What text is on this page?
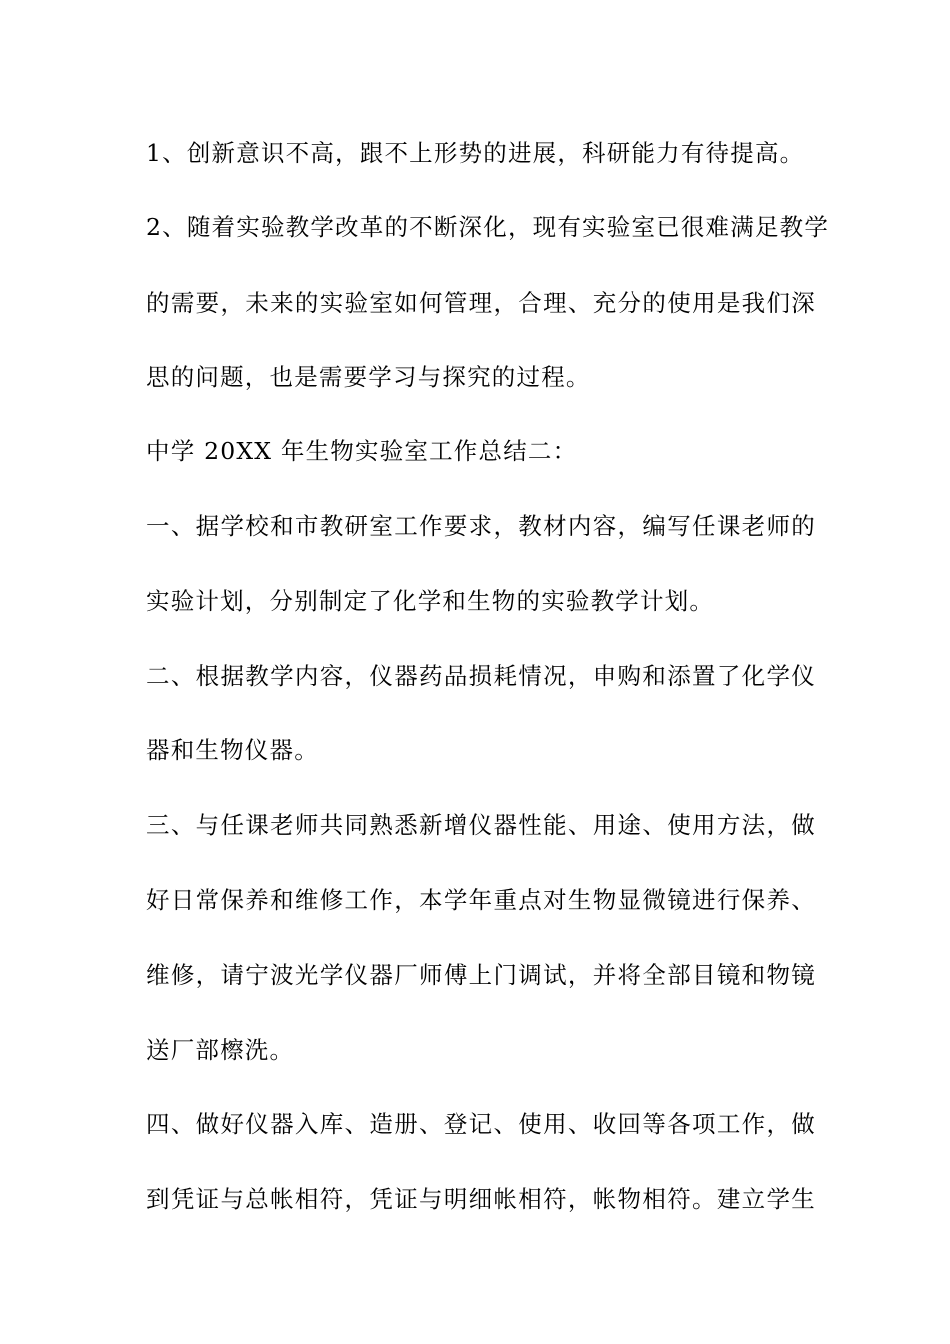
1、创新意识不高，跟不上形势的进展，科研能力有待提高。
2、随着实验教学改革的不断深化，现有实验室已很难满足教学
的需要，未来的实验室如何管理，合理、充分的使用是我们深
思的问题，也是需要学习与探究的过程。
中学 20XX 年生物实验室工作总结二：
一、据学校和市教研室工作要求，教材内容，编写任课老师的
实验计划，分别制定了化学和生物的实验教学计划。
二、根据教学内容，仪器药品损耗情况，申购和添置了化学仪
器和生物仪器。
三、与任课老师共同熟悉新增仪器性能、用途、使用方法，做
好日常保养和维修工作，本学年重点对生物显微镜进行保养、
维修，请宁波光学仪器厂师傅上门调试，并将全部目镜和物镜
送厂部檫洗。
四、做好仪器入库、造册、登记、使用、收回等各项工作，做
到凭证与总帐相符，凭证与明细帐相符，帐物相符。建立学生
